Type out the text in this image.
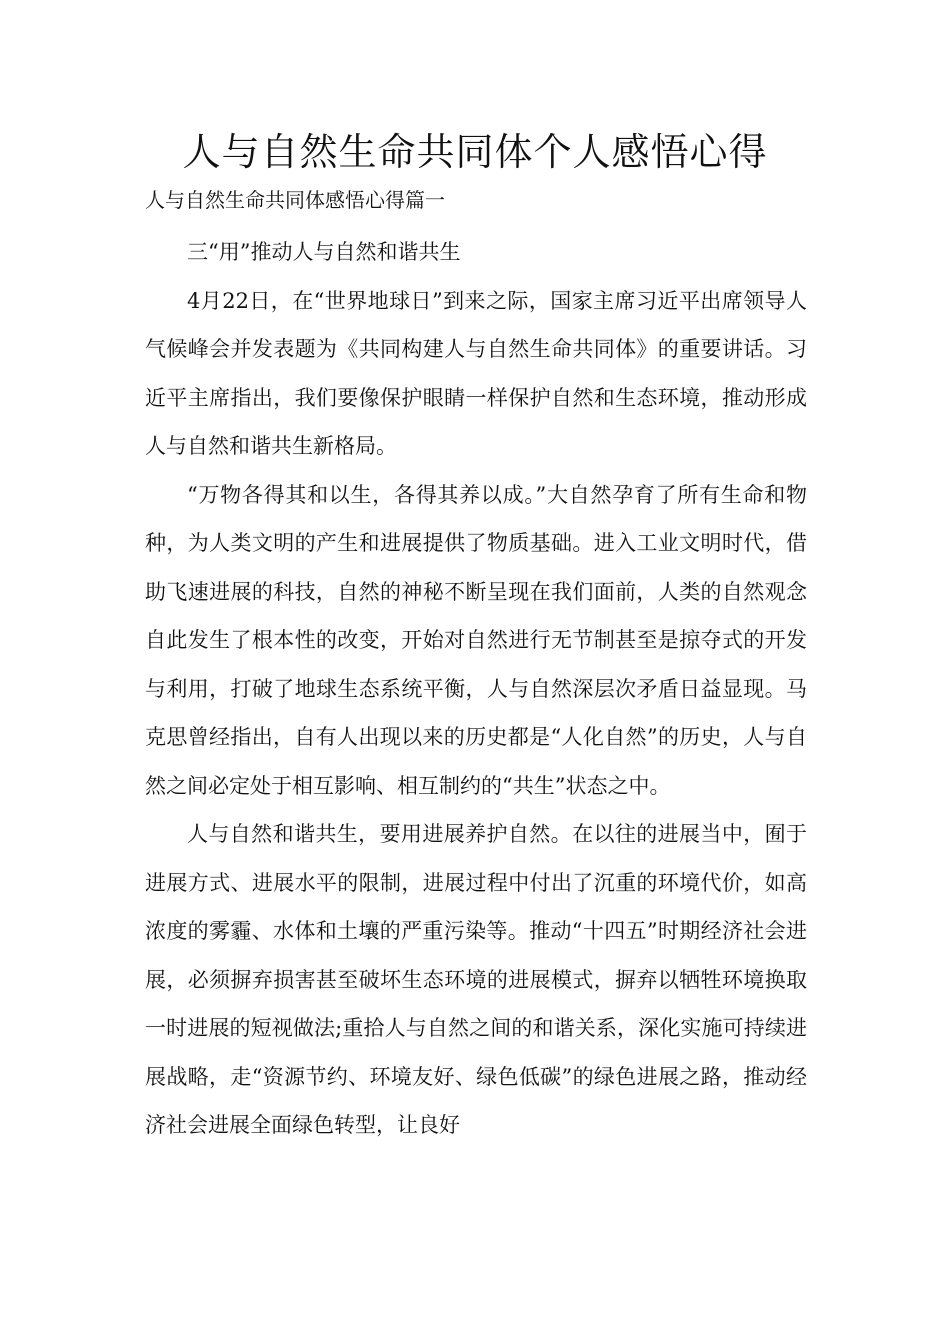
人与自然生命共同体个人感悟心得
人与自然生命共同体感悟心得篇一

三“用”推动人与自然和谐共生

4月22日，在“世界地球日”到来之际，国家主席习近平出席领导人气候峰会并发表题为《共同构建人与自然生命共同体》的重要讲话。习近平主席指出，我们要像保护眼睛一样保护自然和生态环境，推动形成人与自然和谐共生新格局。

“万物各得其和以生，各得其养以成。”大自然孕育了所有生命和物种，为人类文明的产生和进展提供了物质基础。进入工业文明时代，借助飞速进展的科技，自然的神秘不断呈现在我们面前，人类的自然观念自此发生了根本性的改变，开始对自然进行无节制甚至是掠夺式的开发与利用，打破了地球生态系统平衡，人与自然深层次矛盾日益显现。马克思曾经指出，自有人出现以来的历史都是“人化自然”的历史，人与自然之间必定处于相互影响、相互制约的“共生”状态之中。

人与自然和谐共生，要用进展养护自然。在以往的进展当中，囿于进展方式、进展水平的限制，进展过程中付出了沉重的环境代价，如高浓度的雾霾、水体和土壤的严重污染等。推动“十四五”时期经济社会进展，必须摒弃损害甚至破坏生态环境的进展模式，摒弃以牺牲环境换取一时进展的短视做法;重拾人与自然之间的和谐关系，深化实施可持续进展战略，走“资源节约、环境友好、绿色低碳”的绿色进展之路，推动经济社会进展全面绿色转型，让良好
